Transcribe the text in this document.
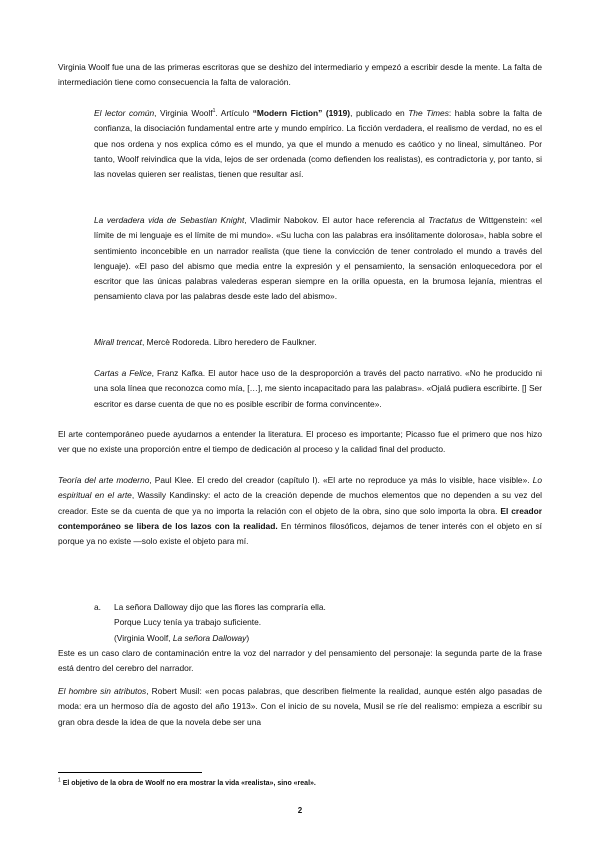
Virginia Woolf fue una de las primeras escritoras que se deshizo del intermediario y empezó a escribir desde la mente. La falta de intermediación tiene como consecuencia la falta de valoración.

El lector común, Virginia Woolf$^1$. Artículo “Modern Fiction” (1919), publicado en The Times: habla sobre la falta de confianza, la disociación fundamental entre arte y mundo empírico. La ficción verdadera, el realismo de verdad, no es el que nos ordena y nos explica cómo es el mundo, ya que el mundo a menudo es caótico y no lineal, simultáneo. Por tanto, Woolf reivindica que la vida, lejos de ser ordenada (como defienden los realistas), es contradictoria y, por tanto, si las novelas quieren ser realistas, tienen que resultar así.

La verdadera vida de Sebastian Knight, Vladimir Nabokov. El autor hace referencia al Tractatus de Wittgenstein: «el límite de mi lenguaje es el límite de mi mundo». «Su lucha con las palabras era insólitamente dolorosa», habla sobre el sentimiento inconcebible en un narrador realista (que tiene la convicción de tener controlado el mundo a través del lenguaje). «El paso del abismo que media entre la expresión y el pensamiento, la sensación enloquecedora por el escritor que las únicas palabras valederas esperan siempre en la orilla opuesta, en la brumosa lejanía, mientras el pensamiento clava por las palabras desde este lado del abismo».

Mirall trencat, Mercè Rodoreda. Libro heredero de Faulkner.

Cartas a Felice, Franz Kafka. El autor hace uso de la desproporción a través del pacto narrativo. «No he producido ni una sola línea que reconozca como mía, […], me siento incapacitado para las palabras». «Ojalá pudiera escribirte. [] Ser escritor es darse cuenta de que no es posible escribir de forma convincente».

El arte contemporáneo puede ayudarnos a entender la literatura. El proceso es importante; Picasso fue el primero que nos hizo ver que no existe una proporción entre el tiempo de dedicación al proceso y la calidad final del producto.

Teoría del arte moderno, Paul Klee. El credo del creador (capítulo I). «El arte no reproduce ya más lo visible, hace visible». Lo espiritual en el arte, Wassily Kandinsky: el acto de la creación depende de muchos elementos que no dependen a su vez del creador. Este se da cuenta de que ya no importa la relación con el objeto de la obra, sino que solo importa la obra. El creador contemporáneo se libera de los lazos con la realidad. En términos filosóficos, dejamos de tener interés con el objeto en sí porque ya no existe —solo existe el objeto para mí.

a. La señora Dalloway dijo que las flores las compraría ella.
Porque Lucy tenía ya trabajo suficiente.
(Virginia Woolf, La señora Dalloway)

Este es un caso claro de contaminación entre la voz del narrador y del pensamiento del personaje: la segunda parte de la frase está dentro del cerebro del narrador.

El hombre sin atributos, Robert Musil: «en pocas palabras, que describen fielmente la realidad, aunque estén algo pasadas de moda: era un hermoso día de agosto del año 1913». Con el inicio de su novela, Musil se ríe del realismo: empieza a escribir su gran obra desde la idea de que la novela debe ser una

$^1$ El objetivo de la obra de Woolf no era mostrar la vida «realista», sino «real».
2
